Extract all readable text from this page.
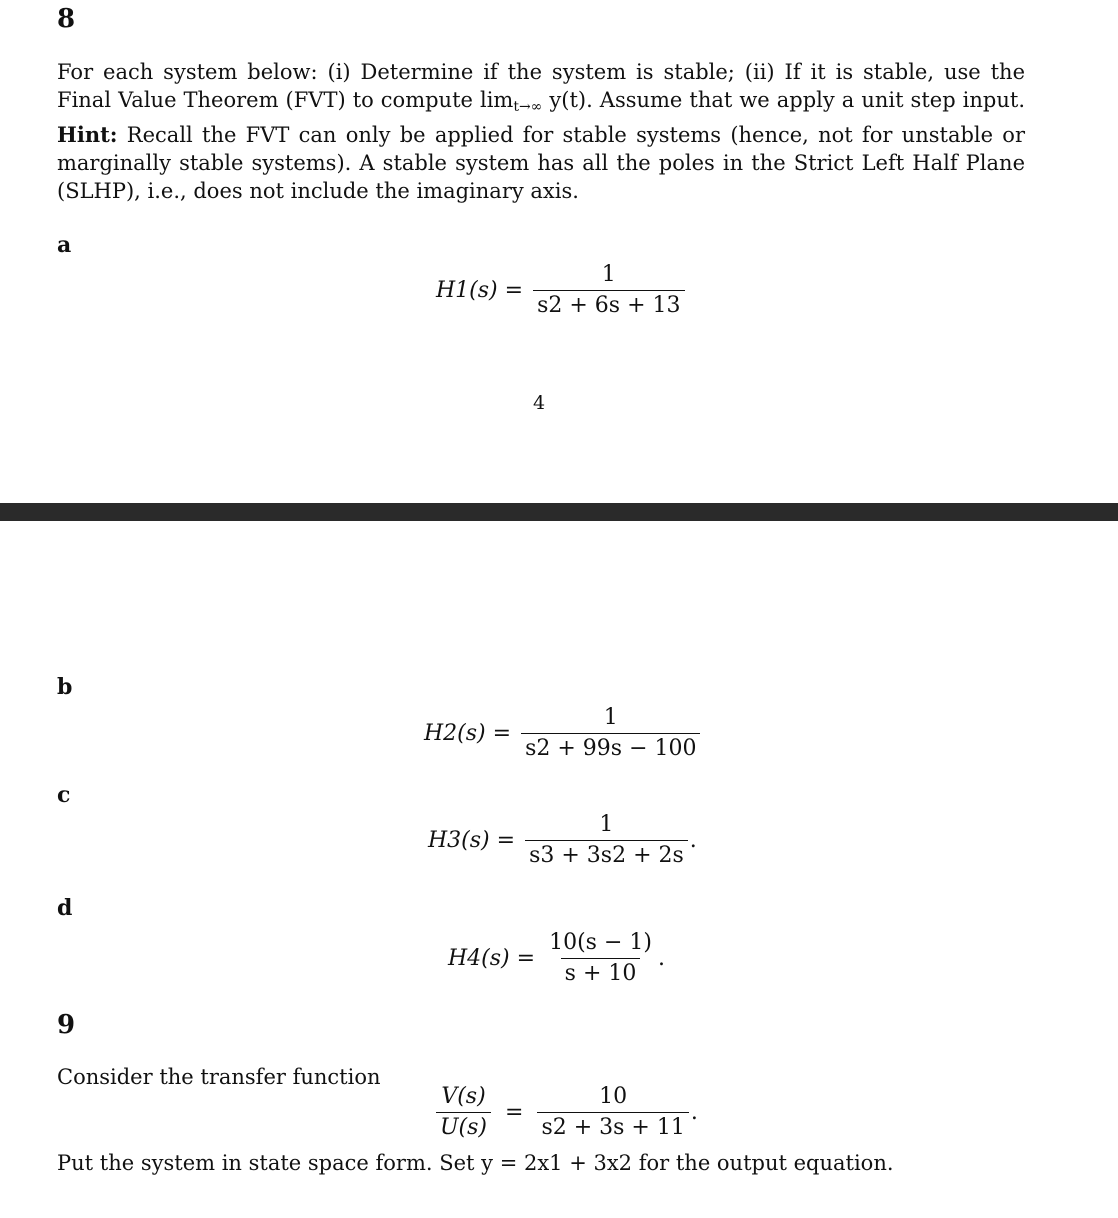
8
For each system below: (i) Determine if the system is stable; (ii) If it is stable, use the Final Value Theorem (FVT) to compute $\lim_{t\to\infty} y(t)$. Assume that we apply a unit step input. Hint: Recall the FVT can only be applied for stable systems (hence, not for unstable or marginally stable systems). A stable system has all the poles in the Strict Left Half Plane (SLHP), i.e., does not include the imaginary axis.
a
$H1(s) = \frac{1}{s2 + 6s + 13}$
4
b
$H2(s) = \frac{1}{s2 + 99s - 100}$
c
$H3(s) = \frac{1}{s3 + 3s2 + 2s}$ .
d
$H4(s) = \frac{10(s - 1)}{s + 10}$ .
9
Consider the transfer function
$\frac{V(s)}{U(s)} = \frac{10}{s2 + 3s + 11}$ .
Put the system in state space form. Set y = 2x1 + 3x2 for the output equation.
